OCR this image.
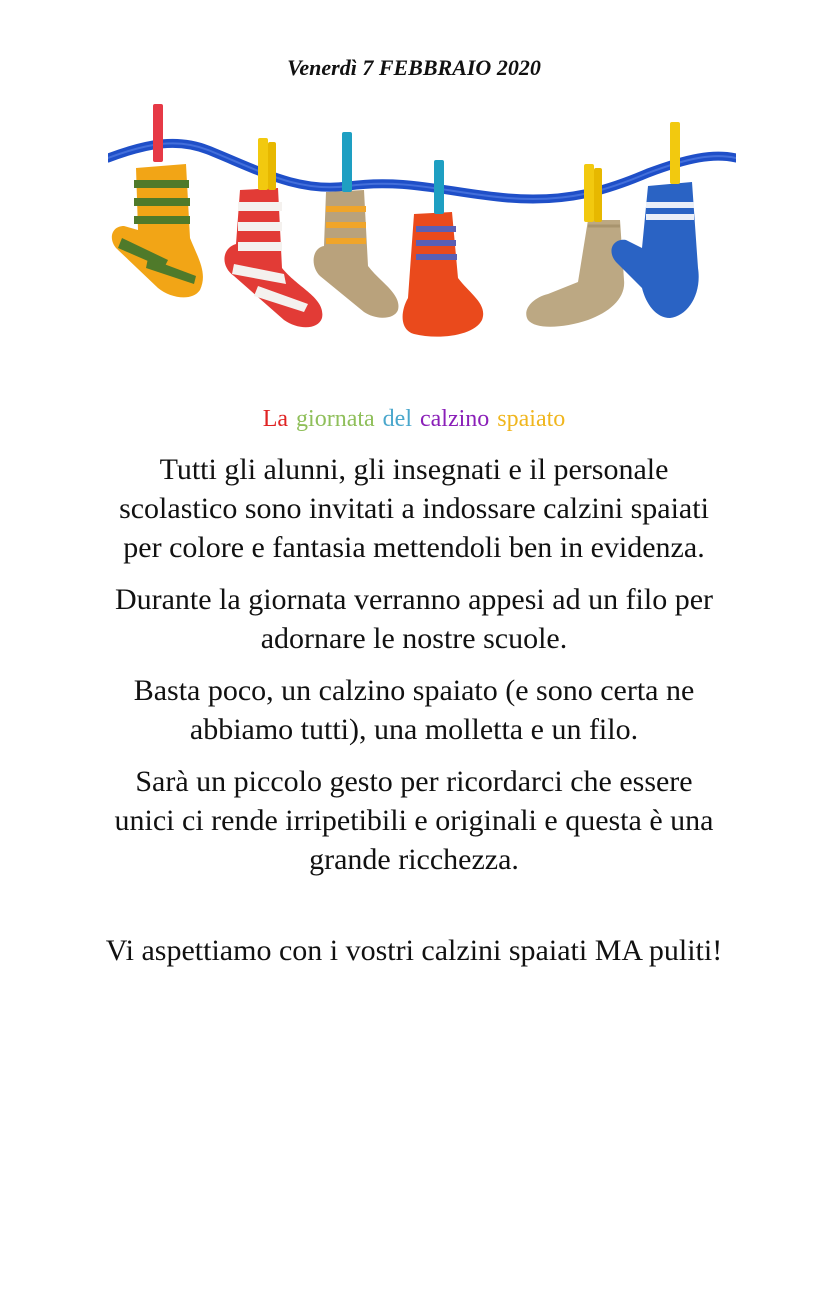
Venerdì 7 FEBBRAIO 2020
La giornata del calzino spaiato

Tutti gli alunni, gli insegnati e il personale scolastico sono invitati a indossare calzini spaiati per colore e fantasia mettendoli ben in evidenza.

Durante la giornata verranno appesi ad un filo per adornare le nostre scuole.

Basta poco, un calzino spaiato (e sono certa ne abbiamo tutti), una molletta e un filo.

Sarà un piccolo gesto per ricordarci che essere unici ci rende irripetibili e originali e questa è una grande ricchezza.

Vi aspettiamo con i vostri calzini spaiati MA puliti!
